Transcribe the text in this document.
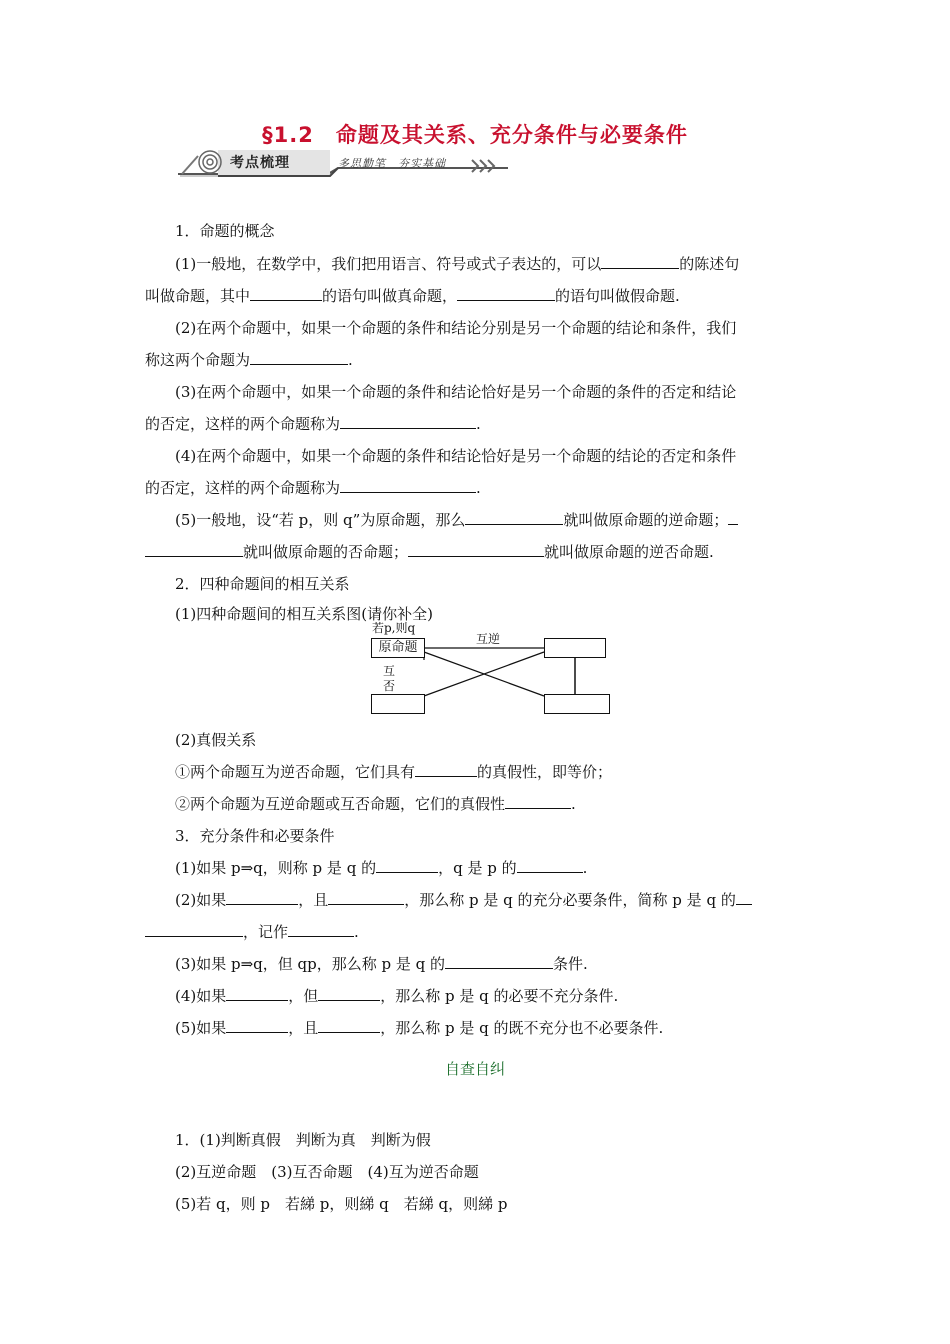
§1.2　命题及其关系、充分条件与必要条件
考点梳理	多思勤笔　夯实基础
1．命题的概念
(1)一般地，在数学中，我们把用语言、符号或式子表达的，可以	的陈述句
叫做命题，其中	的语句叫做真命题，	的语句叫做假命题.
(2)在两个命题中，如果一个命题的条件和结论分别是另一个命题的结论和条件，我们
称这两个命题为	.
(3)在两个命题中，如果一个命题的条件和结论恰好是另一个命题的条件的否定和结论
的否定，这样的两个命题称为	.
(4)在两个命题中，如果一个命题的条件和结论恰好是另一个命题的结论的否定和条件
的否定，这样的两个命题称为	.
(5)一般地，设“若 p，则 q”为原命题，那么	就叫做原命题的逆命题；
就叫做原命题的否命题；	就叫做原命题的逆否命题.
2．四种命题间的相互关系
(1)四种命题间的相互关系图(请你补全)
若p,则q
原命题
互逆
互
否
(2)真假关系
①两个命题互为逆否命题，它们具有	的真假性，即等价；
②两个命题为互逆命题或互否命题，它们的真假性	.
3．充分条件和必要条件
(1)如果 p⇒q，则称 p 是 q 的	，q 是 p 的	.
(2)如果	，且	，那么称 p 是 q 的充分必要条件，简称 p 是 q 的
，记作	.
(3)如果 p⇒q，但 qp，那么称 p 是 q 的	条件.
(4)如果	，但	，那么称 p 是 q 的必要不充分条件.
(5)如果	，且	，那么称 p 是 q 的既不充分也不必要条件.
自查自纠
1．(1)判断真假　判断为真　判断为假
(2)互逆命题　(3)互否命题　(4)互为逆否命题
(5)若 q，则 p　若綈 p，则綈 q　若綈 q，则綈 p
